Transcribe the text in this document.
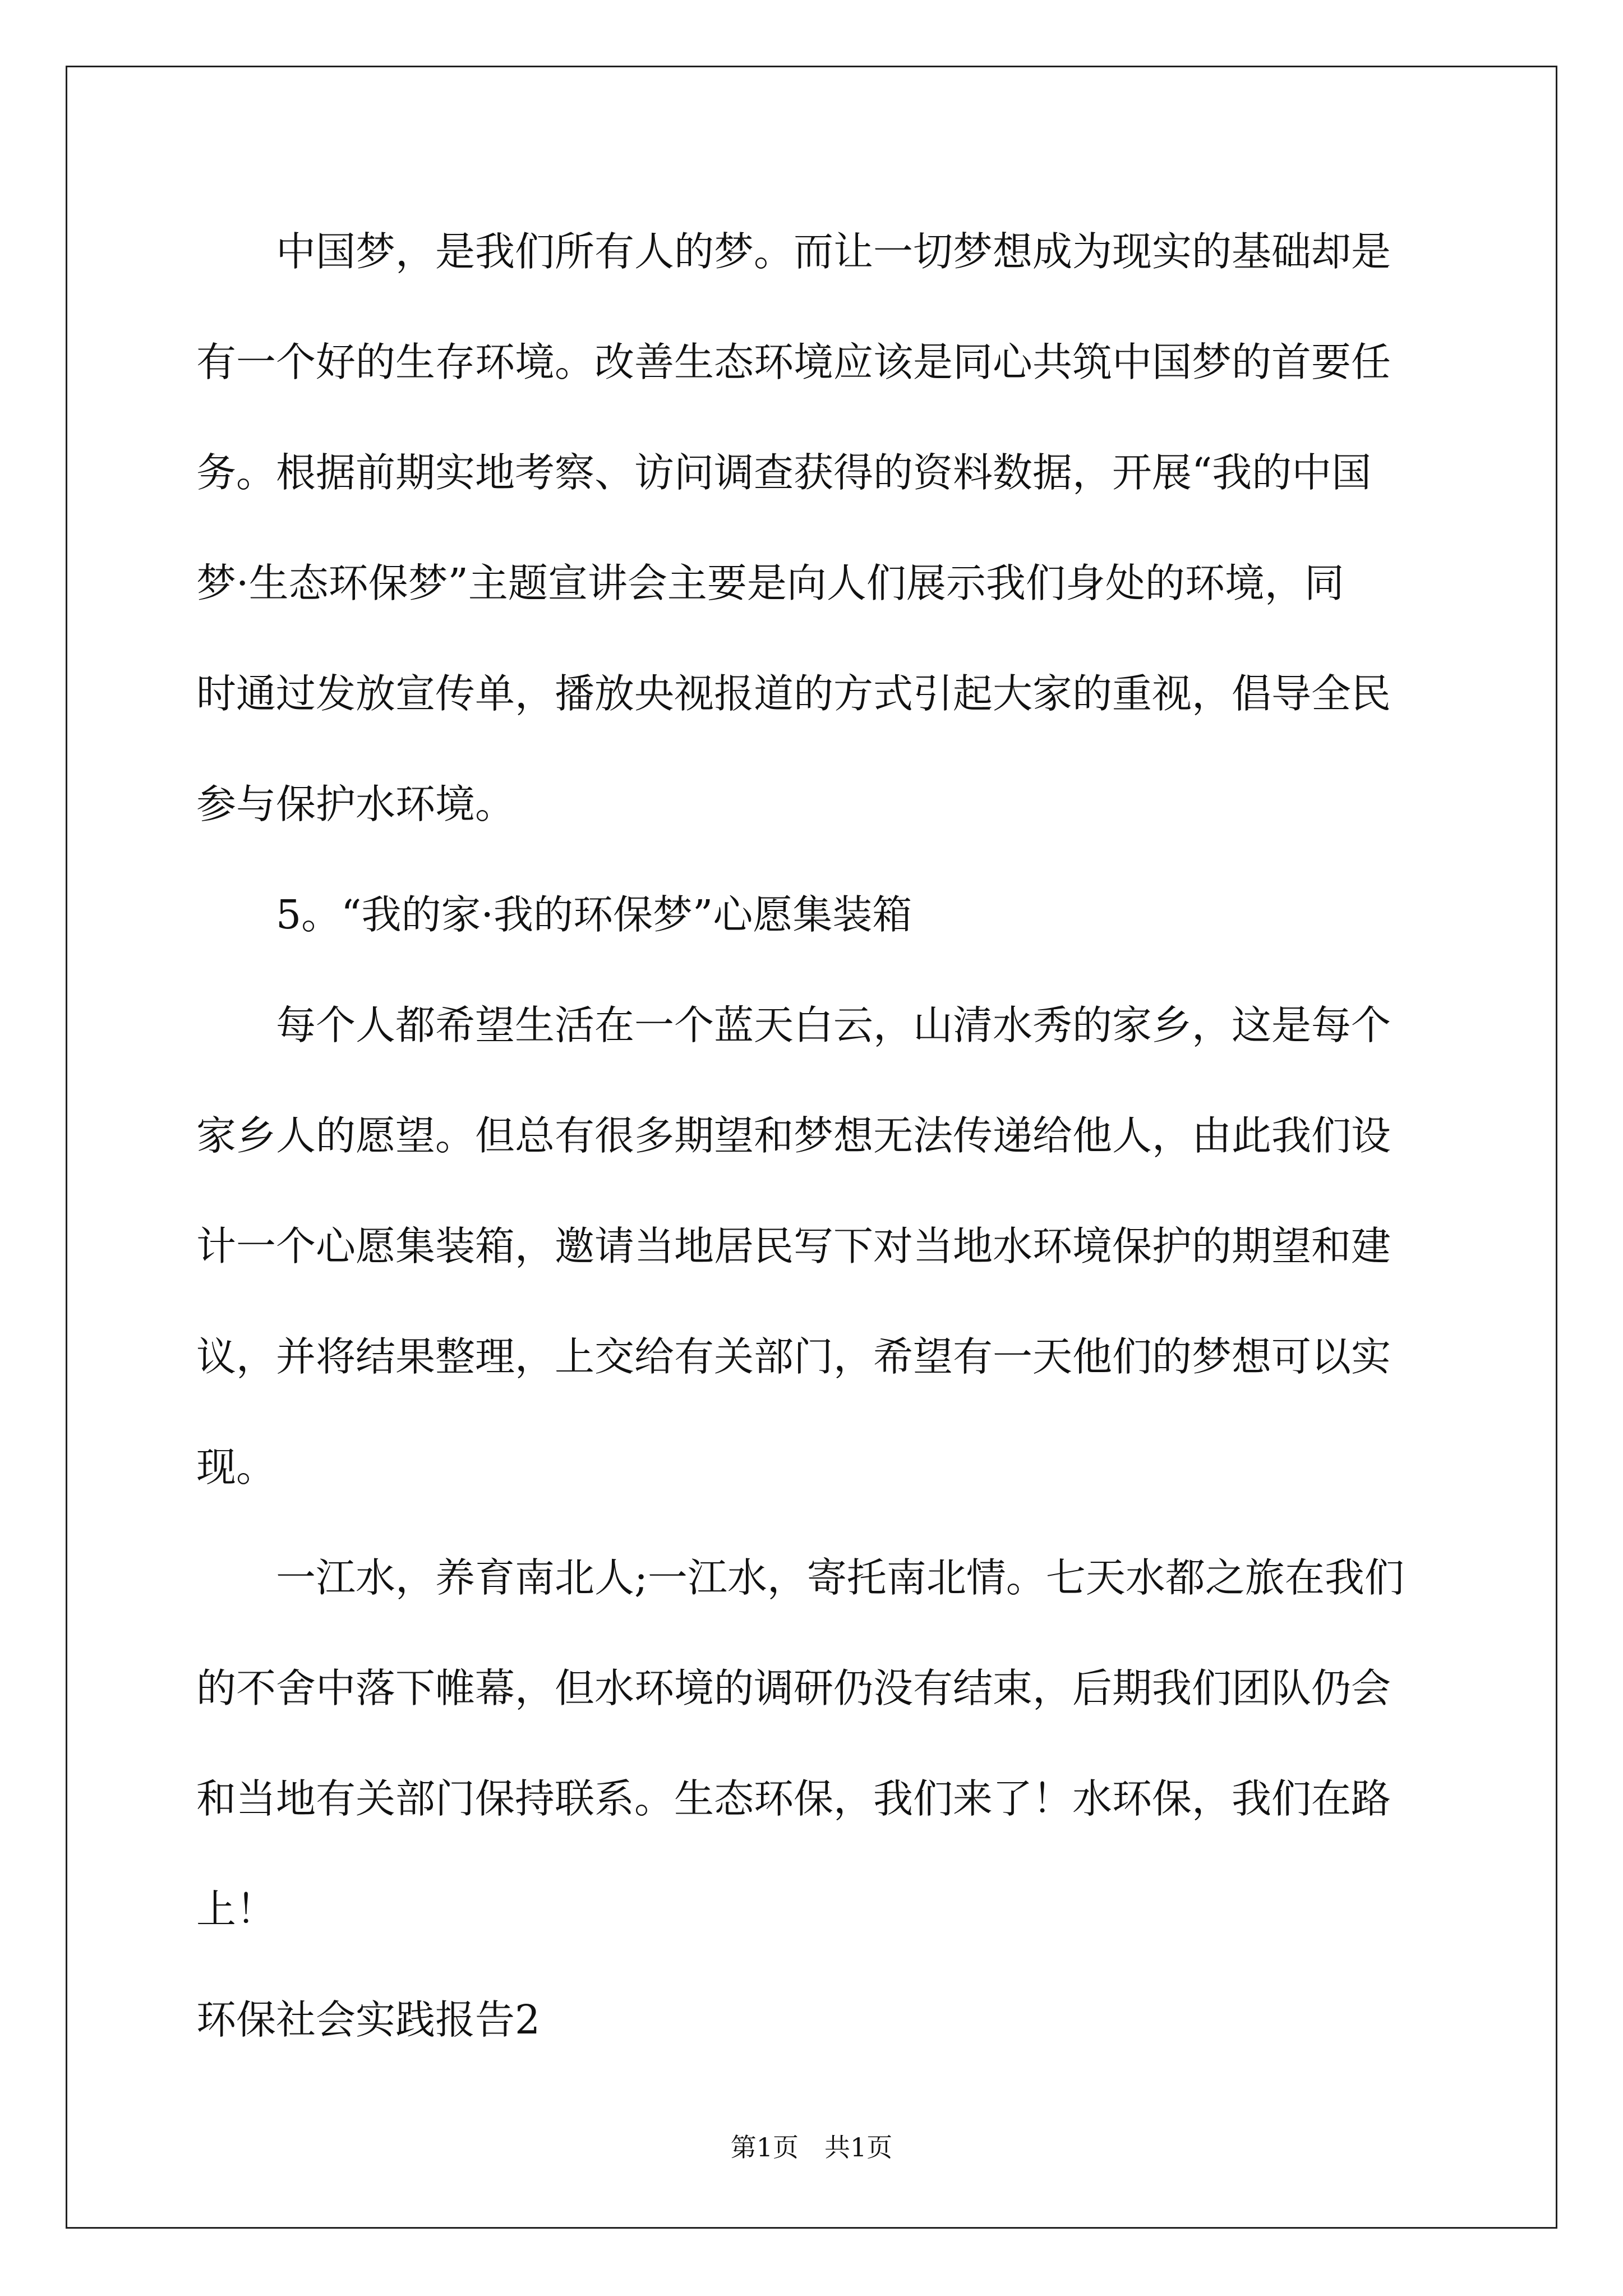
　　中国梦，是我们所有人的梦。而让一切梦想成为现实的基础却是
有一个好的生存环境。改善生态环境应该是同心共筑中国梦的首要任
务。根据前期实地考察、访问调查获得的资料数据，开展“我的中国
梦·生态环保梦”主题宣讲会主要是向人们展示我们身处的环境，同
时通过发放宣传单，播放央视报道的方式引起大家的重视，倡导全民
参与保护水环境。
　　5。“我的家·我的环保梦”心愿集装箱
　　每个人都希望生活在一个蓝天白云，山清水秀的家乡，这是每个
家乡人的愿望。但总有很多期望和梦想无法传递给他人，由此我们设
计一个心愿集装箱，邀请当地居民写下对当地水环境保护的期望和建
议，并将结果整理，上交给有关部门，希望有一天他们的梦想可以实
现。
　　一江水，养育南北人;一江水，寄托南北情。七天水都之旅在我们
的不舍中落下帷幕，但水环境的调研仍没有结束，后期我们团队仍会
和当地有关部门保持联系。生态环保，我们来了！水环保，我们在路
上！
环保社会实践报告2
第1页　共1页
